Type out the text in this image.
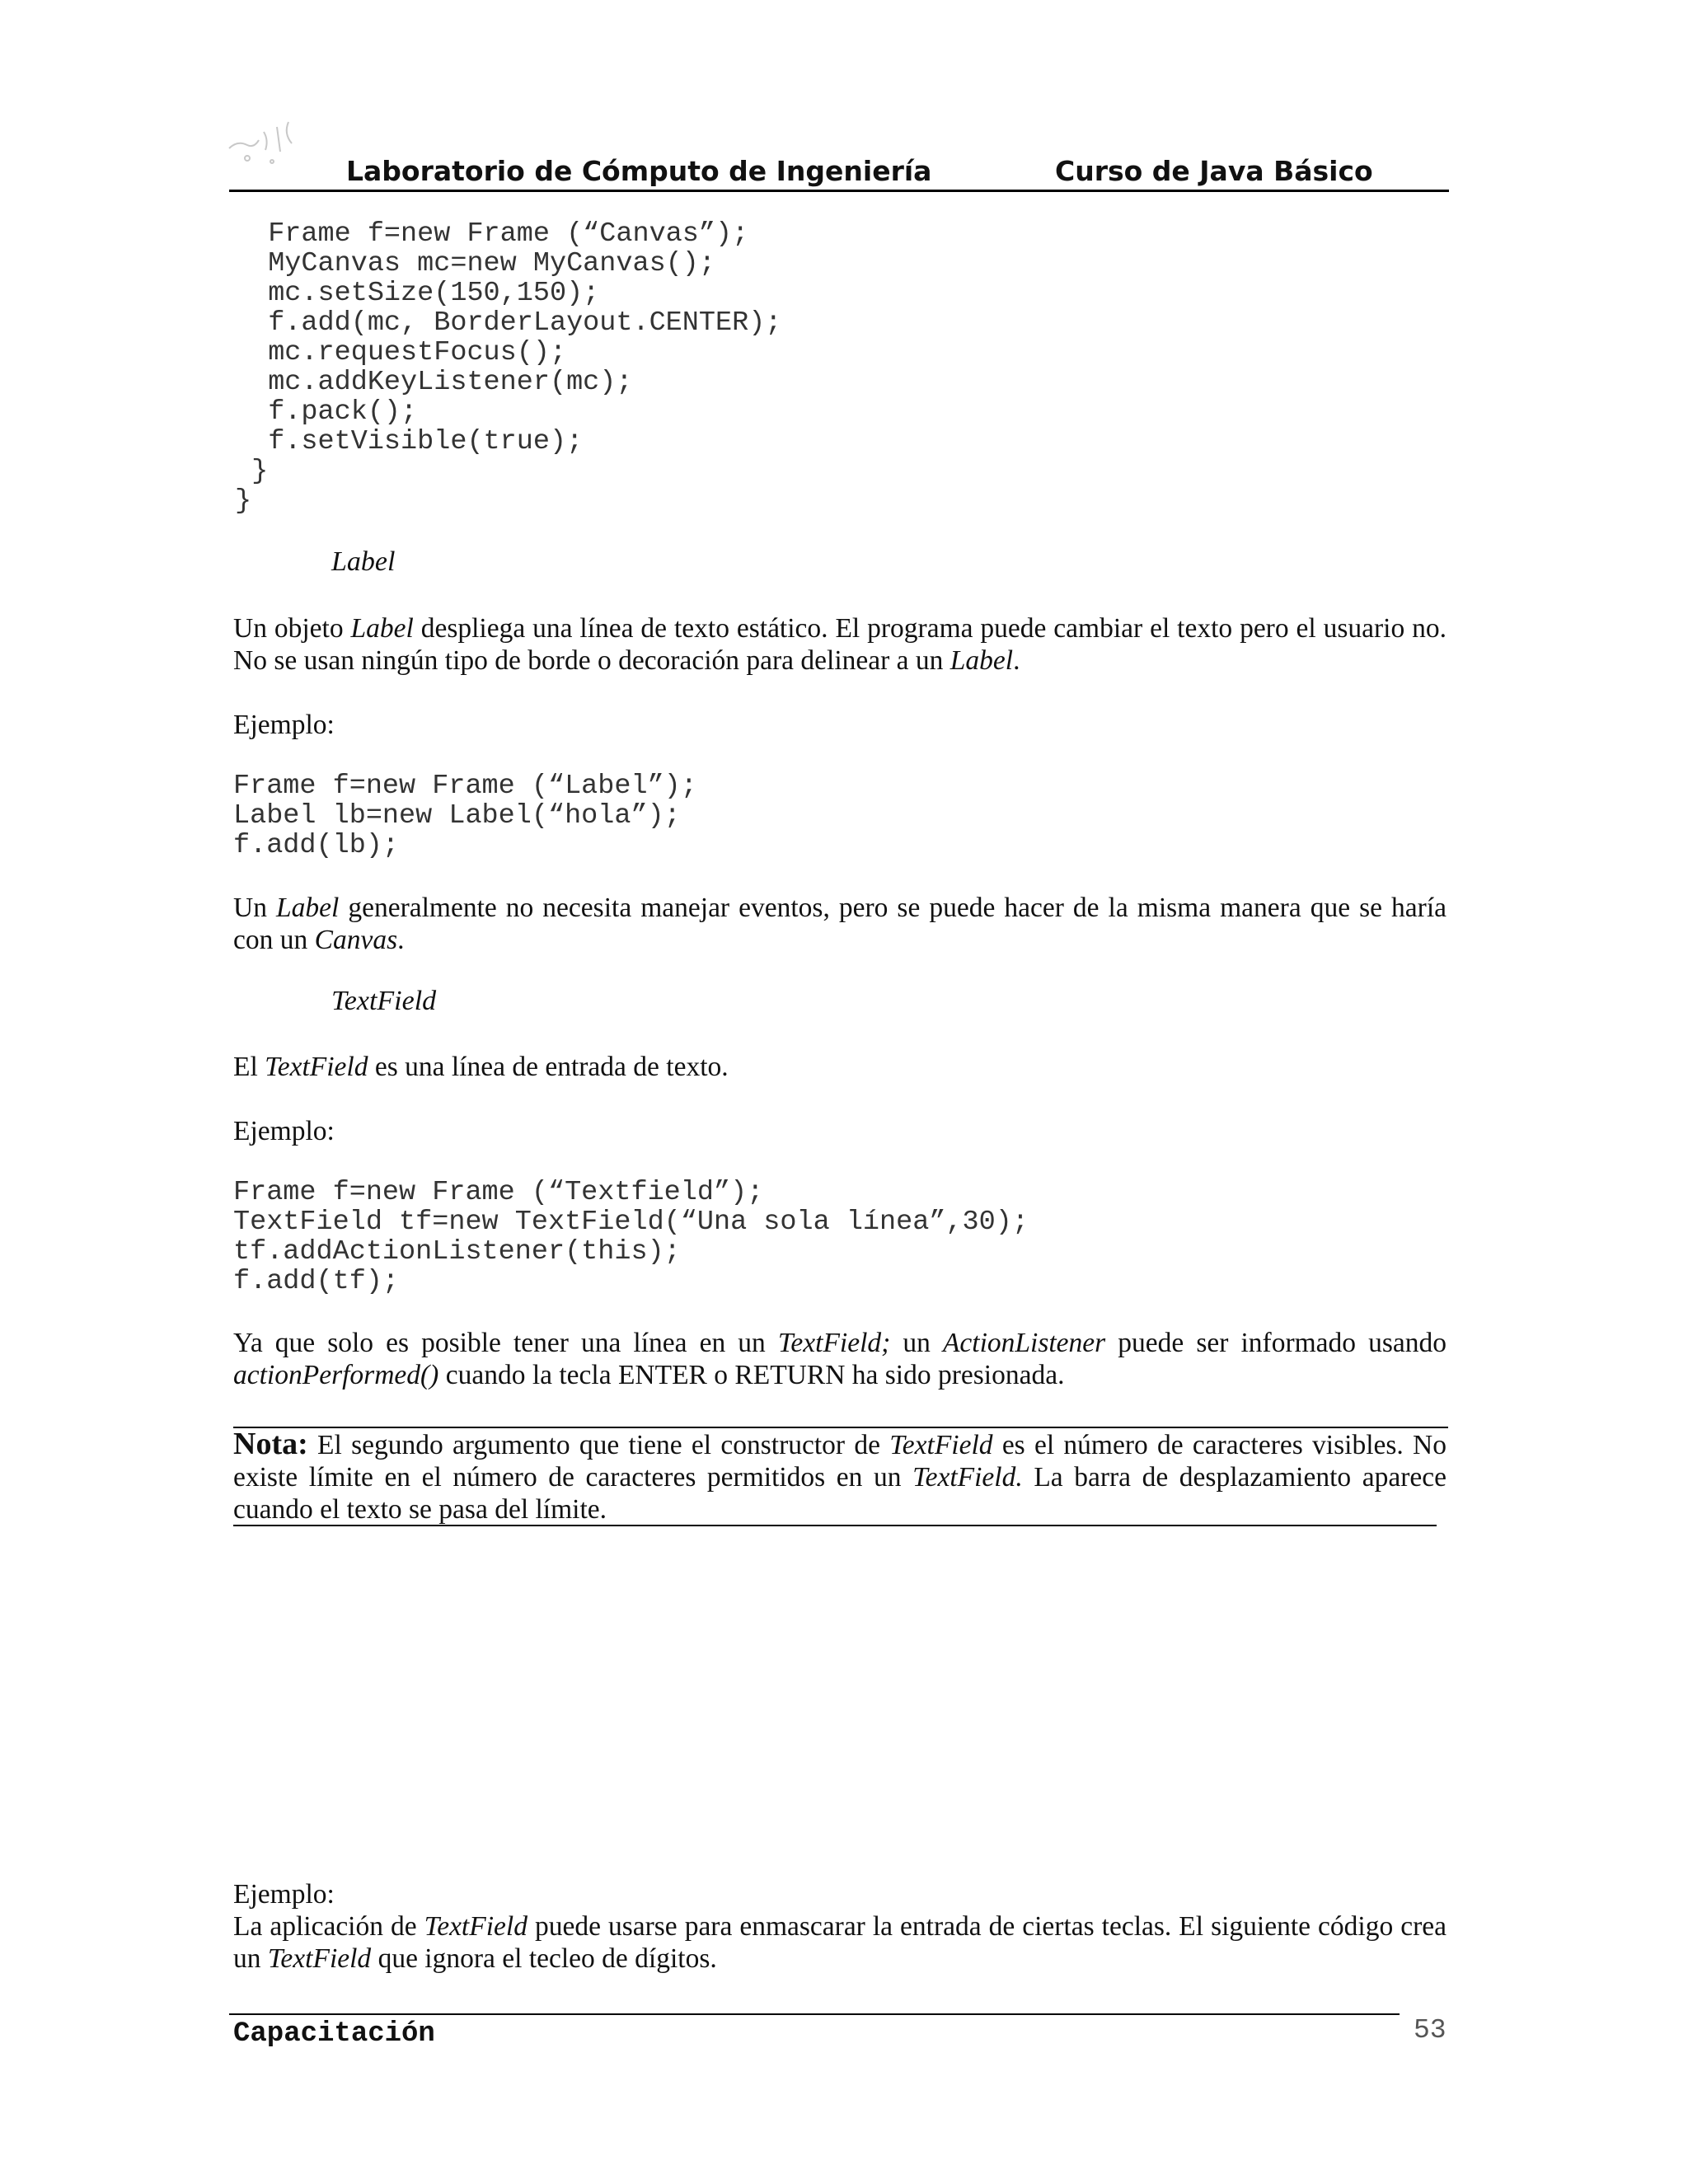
Laboratorio de Cómputo de Ingeniería	Curso de Java Básico
Frame f=new Frame (“Canvas”);
MyCanvas mc=new MyCanvas();
mc.setSize(150,150);
f.add(mc, BorderLayout.CENTER);
mc.requestFocus();
mc.addKeyListener(mc);
f.pack();
f.setVisible(true);
}
}
Label
Un objeto Label despliega una línea de texto estático. El programa puede cambiar el texto pero el usuario no. No se usan ningún tipo de borde o decoración para delinear a un Label.
Ejemplo:
Frame f=new Frame (“Label”);
Label lb=new Label(“hola”);
f.add(lb);
Un Label generalmente no necesita manejar eventos, pero se puede hacer de la misma manera que se haría con un Canvas.
TextField
El TextField es una línea de entrada de texto.
Ejemplo:
Frame f=new Frame (“Textfield”);
TextField tf=new TextField(“Una sola línea”,30);
tf.addActionListener(this);
f.add(tf);
Ya que solo es posible tener una línea en un TextField; un ActionListener puede ser informado usando actionPerformed() cuando la tecla ENTER o RETURN ha sido presionada.
Nota: El segundo argumento que tiene el constructor de TextField es el número de caracteres visibles. No existe límite en el número de caracteres permitidos en un TextField. La barra de desplazamiento aparece cuando el texto se pasa del límite.
Ejemplo:
La aplicación de TextField puede usarse para enmascarar la entrada de ciertas teclas. El siguiente código crea un TextField que ignora el tecleo de dígitos.
Capacitación	53
